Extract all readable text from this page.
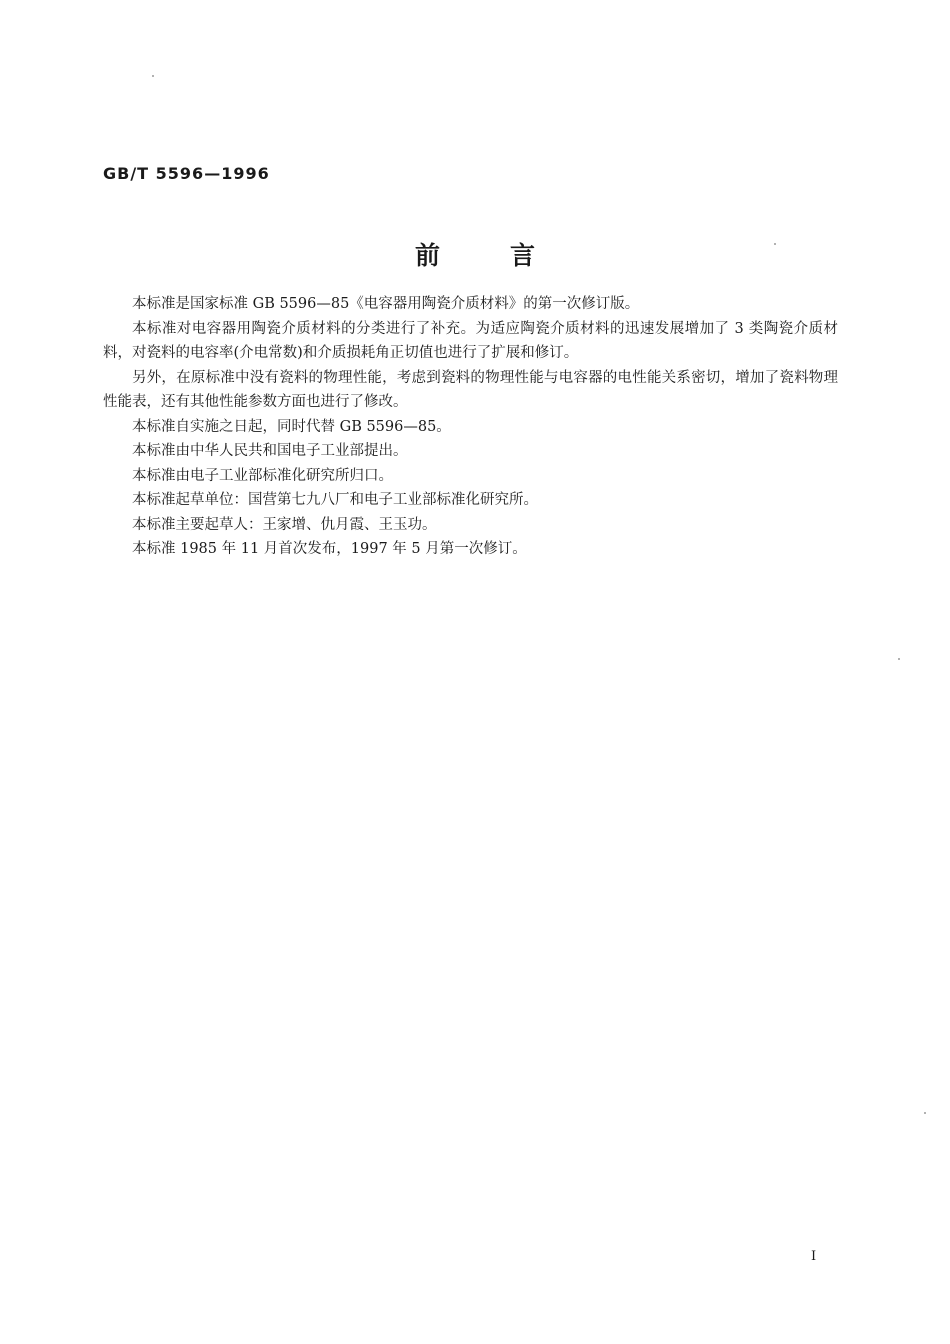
GB/T 5596—1996
前言

本标准是国家标准 GB 5596—85《电容器用陶瓷介质材料》的第一次修订版。

本标准对电容器用陶瓷介质材料的分类进行了补充。为适应陶瓷介质材料的迅速发展增加了 3 类陶瓷介质材料，对瓷料的电容率(介电常数)和介质损耗角正切值也进行了扩展和修订。

另外，在原标准中没有瓷料的物理性能，考虑到瓷料的物理性能与电容器的电性能关系密切，增加了瓷料物理性能表，还有其他性能参数方面也进行了修改。

本标准自实施之日起，同时代替 GB 5596—85。

本标准由中华人民共和国电子工业部提出。

本标准由电子工业部标准化研究所归口。

本标准起草单位：国营第七九八厂和电子工业部标准化研究所。

本标准主要起草人：王家增、仇月霞、王玉功。

本标准 1985 年 11 月首次发布，1997 年 5 月第一次修订。

I
